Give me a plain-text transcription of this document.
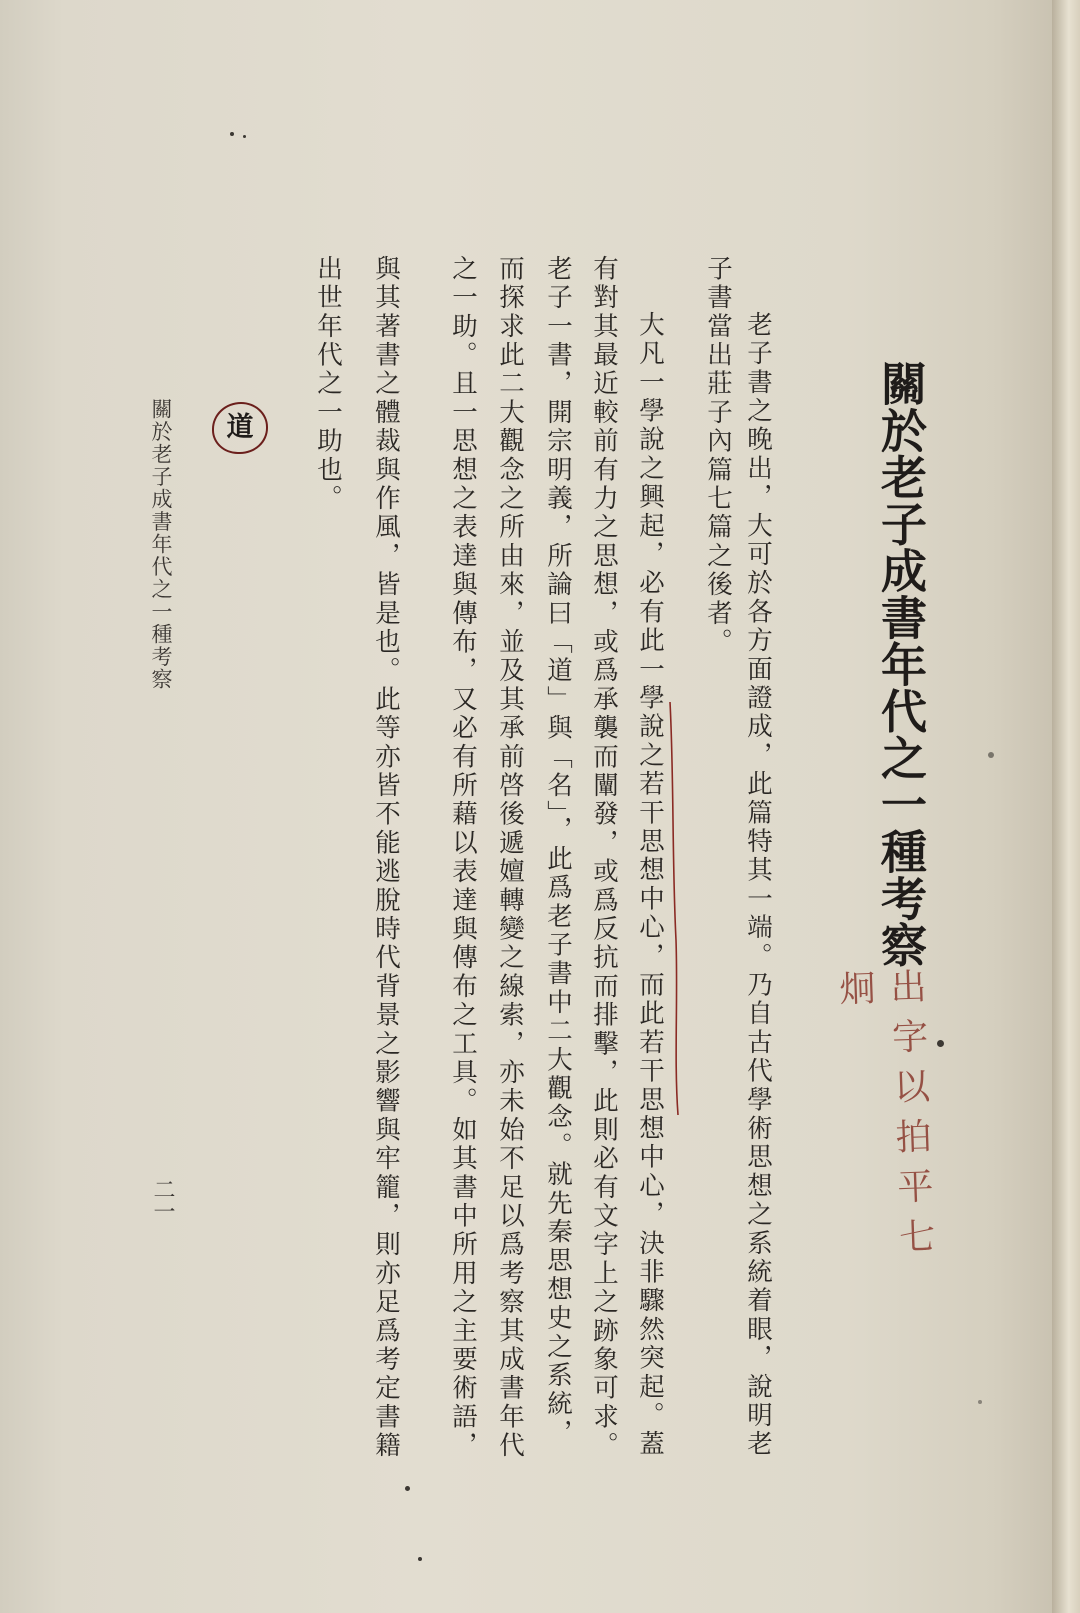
關於老子成書年代之一種考察
老子書之晚出，大可於各方面證成，此篇特其一端。乃自古代學術思想之系統着眼，說明老
子書當出莊子內篇七篇之後者。
大凡一學說之興起，必有此一學說之若干思想中心，而此若干思想中心，決非驟然突起。蓋
有對其最近較前有力之思想，或爲承襲而闡發，或爲反抗而排擊，此則必有文字上之跡象可求。
老子一書，開宗明義，所論曰「道」與「名」，此爲老子書中二大觀念。就先秦思想史之系統，
而探求此二大觀念之所由來，並及其承前啓後遞嬗轉變之線索，亦未始不足以爲考察其成書年代
之一助。且一思想之表達與傳布，又必有所藉以表達與傳布之工具。如其書中所用之主要術語，
與其著書之體裁與作風，皆是也。此等亦皆不能逃脫時代背景之影響與牢籠，則亦足爲考定書籍
出世年代之一助也。
道
關於老子成書年代之一種考察
二一	出字以拍平七炯
